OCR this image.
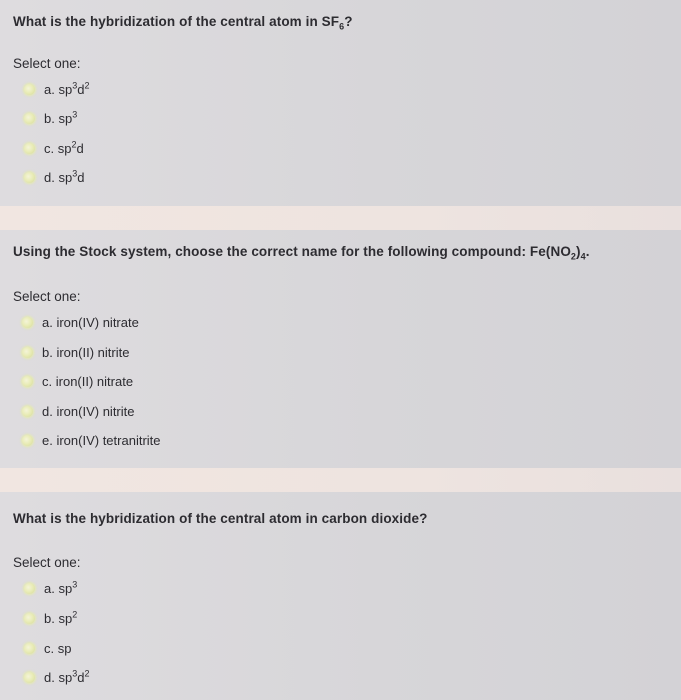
What is the hybridization of the central atom in $SF_6$?
Select one:
a. $sp^3d^2$
b. $sp^3$
c. $sp^2d$
d. $sp^3d$
Using the Stock system, choose the correct name for the following compound: $Fe(NO_2)_4$.
Select one:
a. iron(IV) nitrate
b. iron(II) nitrite
c. iron(II) nitrate
d. iron(IV) nitrite
e. iron(IV) tetranitrite
What is the hybridization of the central atom in carbon dioxide?
Select one:
a. $sp^3$
b. $sp^2$
c. sp
d. $sp^3d^2$
